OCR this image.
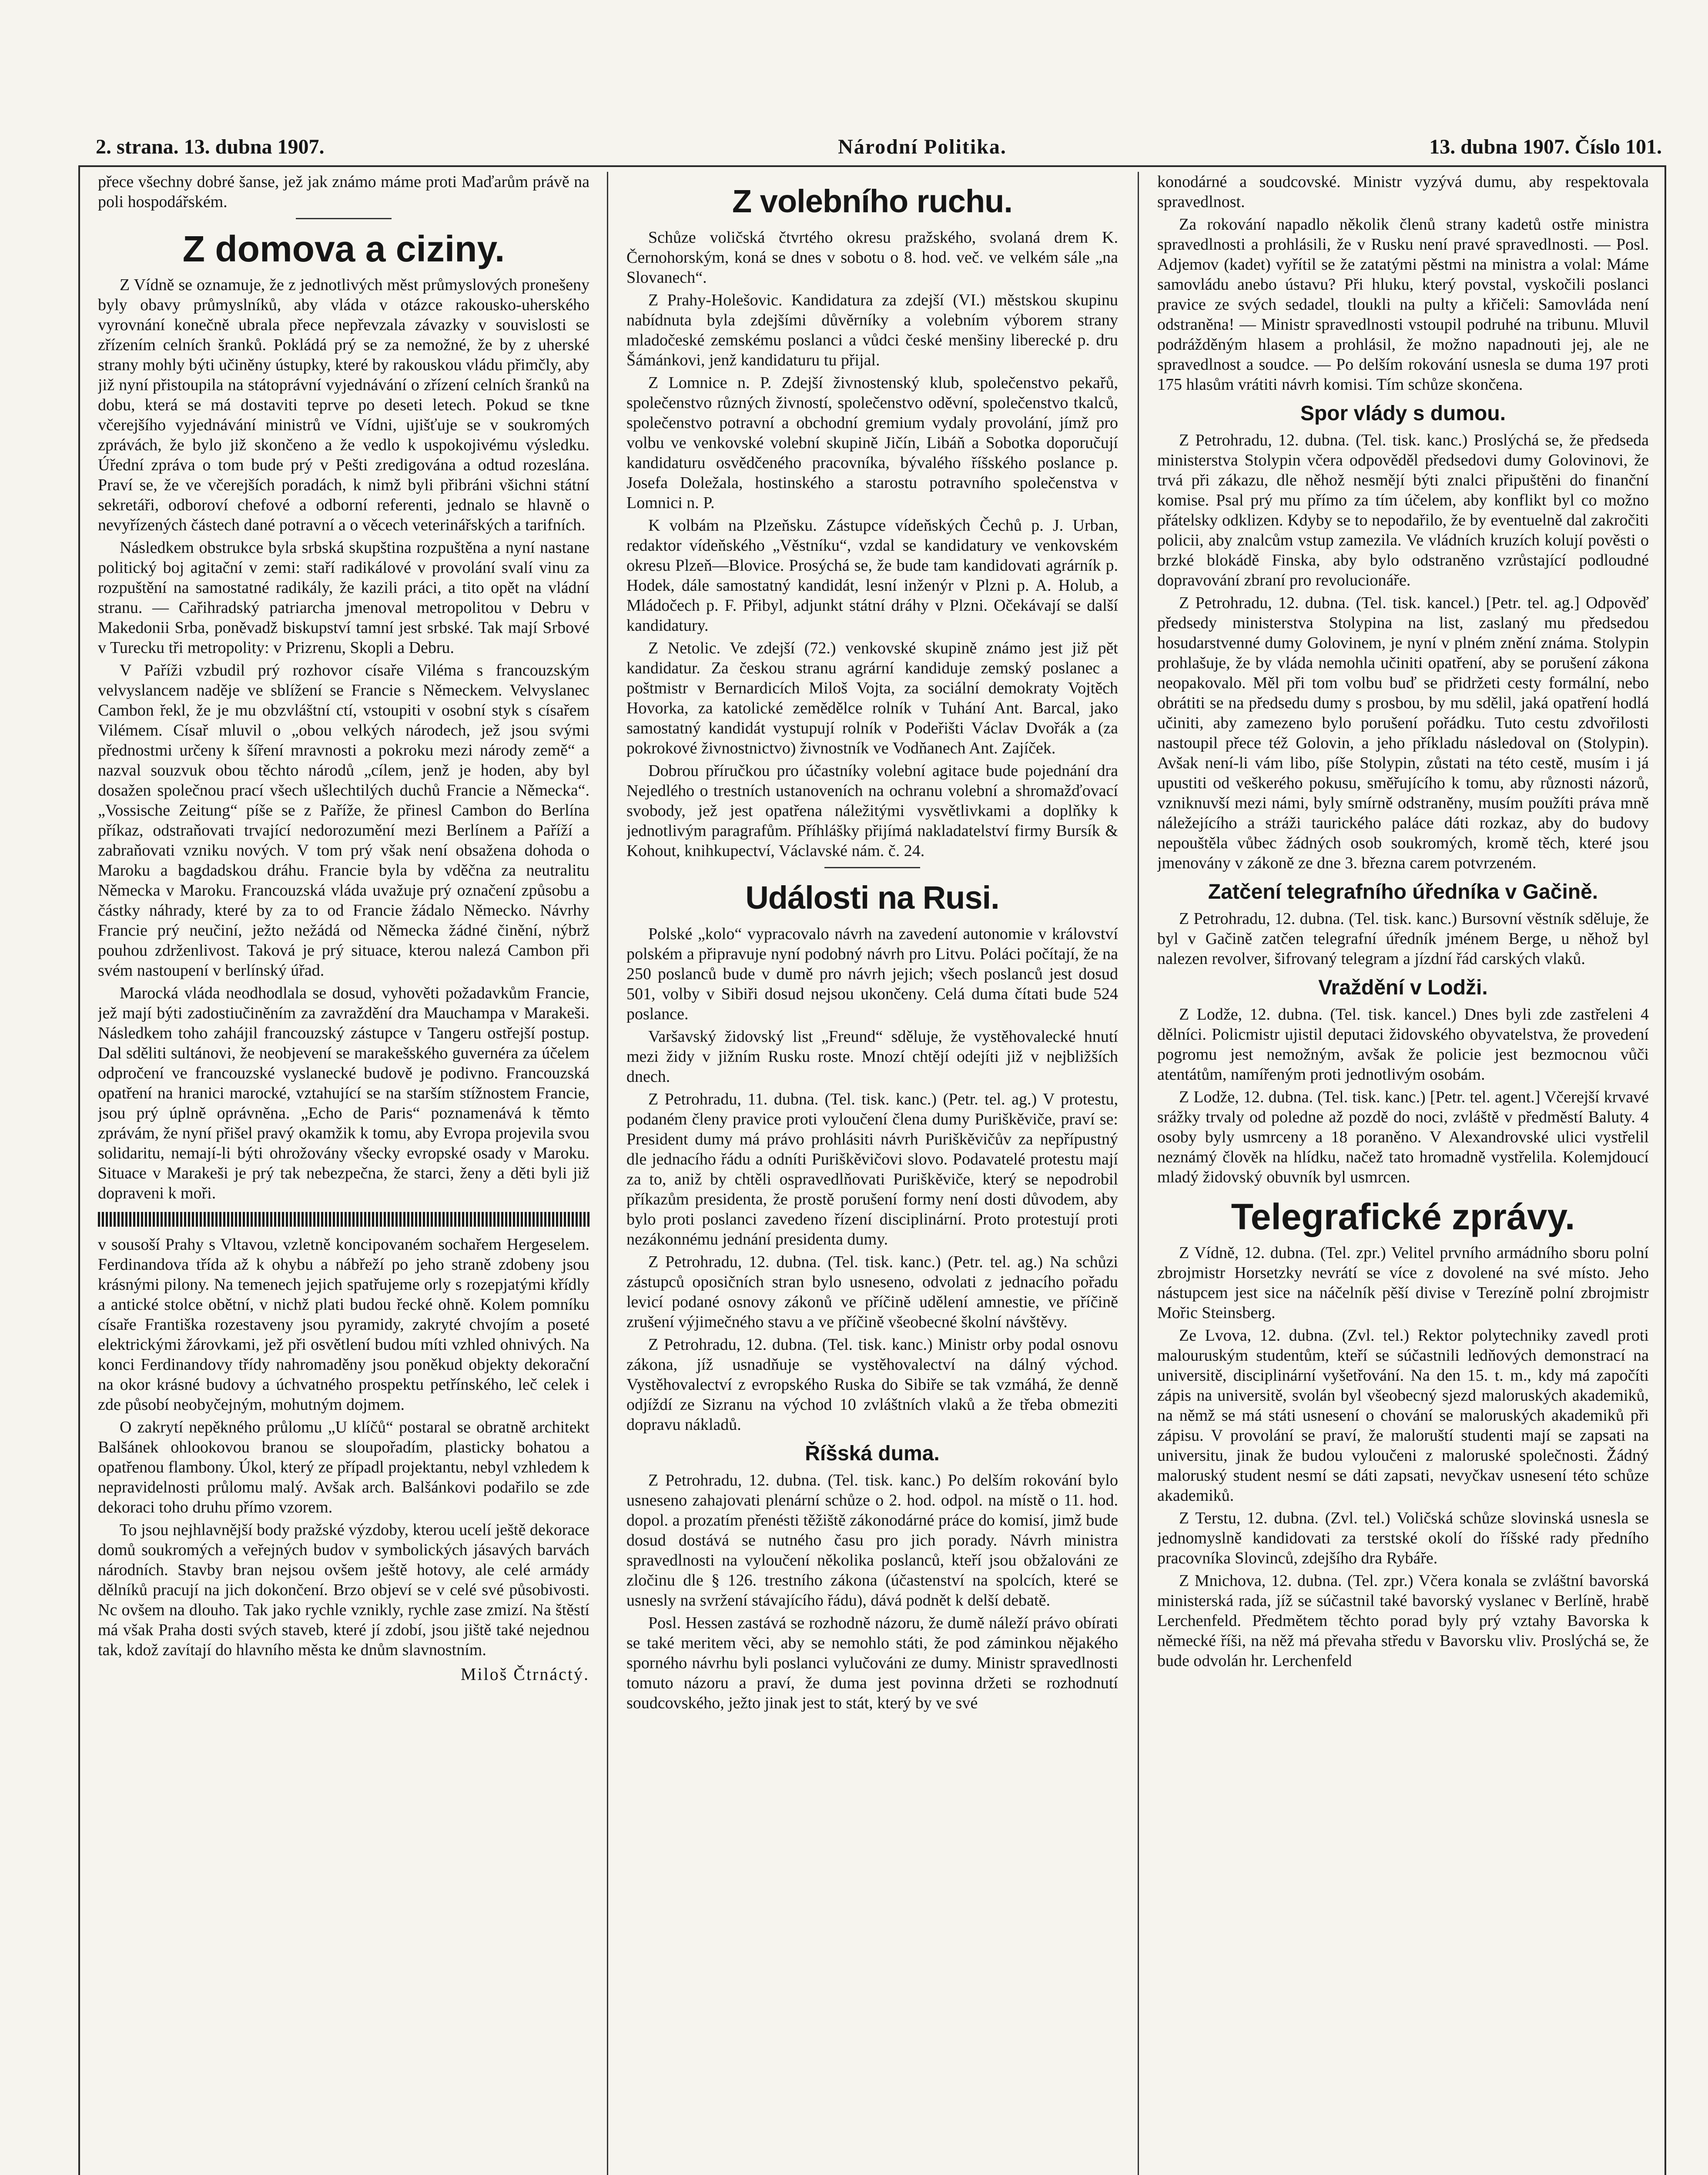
2. strana. 13. dubna 1907.	Národní Politika.	13. dubna 1907. Číslo 101.

přece všechny dobré šanse, jež jak známo máme proti Maďarům právě na poli hospodářském.

Z domova a ciziny.

Z Vídně se oznamuje, že z jednotlivých měst průmyslových pronešeny byly obavy průmyslníků, aby vláda v otázce rakousko-uherského vyrovnání konečně ubrala přece nepřevzala závazky v souvislosti se zřízením celních šranků. Pokládá prý se za nemožné, že by z uherské strany mohly býti učiněny ústupky, které by rakouskou vládu přimčly, aby již nyní přistoupila na státoprávní vyjednávání o zřízení celních šranků na dobu, která se má dostaviti teprve po deseti letech. Pokud se tkne včerejšího vyjednávání ministrů ve Vídni, ujišťuje se v soukromých zprávách, že bylo již skončeno a že vedlo k uspokojivému výsledku. Úřední zpráva o tom bude prý v Pešti zredigována a odtud rozeslána. Praví se, že ve včerejších poradách, k nimž byli přibráni všichni státní sekretáři, odboroví chefové a odborní referenti, jednalo se hlavně o nevyřízených částech dané potravní a o věcech veterinářských a tarifních.

Následkem obstrukce byla srbská skupština rozpuštěna a nyní nastane politický boj agitační v zemi: staří radikálové v provolání svalí vinu za rozpuštění na samostatné radikály, že kazili práci, a tito opět na vládní stranu. — Cařihradský patriarcha jmenoval metropolitou v Debru v Makedonii Srba, poněvadž biskupství tamní jest srbské. Tak mají Srbové v Turecku tři metropolity: v Prizrenu, Skopli a Debru.

V Paříži vzbudil prý rozhovor císaře Viléma s francouzským velvyslancem naděje ve sblížení se Francie s Německem. Velvyslanec Cambon řekl, že je mu obzvláštní ctí, vstoupiti v osobní styk s císařem Vilémem. Císař mluvil o „obou velkých národech, jež jsou svými přednostmi určeny k šíření mravnosti a pokroku mezi národy země“ a nazval souzvuk obou těchto národů „cílem, jenž je hoden, aby byl dosažen společnou prací všech ušlechtilých duchů Francie a Německa“. „Vossische Zeitung“ píše se z Paříže, že přinesl Cambon do Berlína příkaz, odstraňovati trvající nedorozumění mezi Berlínem a Paříží a zabraňovati vzniku nových. V tom prý však není obsažena dohoda o Maroku a bagdadskou dráhu. Francie byla by vděčna za neutralitu Německa v Maroku. Francouzská vláda uvažuje prý označení způsobu a částky náhrady, které by za to od Francie žádalo Německo. Návrhy Francie prý neučiní, ježto nežádá od Německa žádné činění, nýbrž pouhou zdrženlivost. Taková je prý situace, kterou nalezá Cambon při svém nastoupení v berlínský úřad.

Marocká vláda neodhodlala se dosud, vyhověti požadavkům Francie, jež mají býti zadostiučiněním za zavraždění dra Mauchampa v Marakeši. Následkem toho zahájil francouzský zástupce v Tangeru ostřejší postup. Dal sděliti sultánovi, že neobjevení se marakešského guvernéra za účelem odpročení ve francouzské vyslanecké budově je podivno. Francouzská opatření na hranici marocké, vztahující se na starším stížnostem Francie, jsou prý úplně oprávněna. „Echo de Paris“ poznamenává k těmto zprávám, že nyní přišel pravý okamžik k tomu, aby Evropa projevila svou solidaritu, nemají-li býti ohrožovány všecky evropské osady v Maroku. Situace v Marakeši je prý tak nebezpečna, že starci, ženy a děti byli již dopraveni k moři.

v sousoší Prahy s Vltavou, vzletně koncipovaném sochařem Hergeselem. Ferdinandova třída až k ohybu a nábřeží po jeho straně zdobeny jsou krásnými pilony. Na temenech jejich spatřujeme orly s rozepjatými křídly a antické stolce obětní, v nichž plati budou řecké ohně. Kolem pomníku císaře Františka rozestaveny jsou pyramidy, zakryté chvojím a poseté elektrickými žárovkami, jež při osvětlení budou míti vzhled ohnivých. Na konci Ferdinandovy třídy nahromaděny jsou poněkud objekty dekorační na okor krásné budovy a úchvatného prospektu petřínského, leč celek i zde působí neobyčejným, mohutným dojmem.

O zakrytí nepěkného průlomu „U klíčů“ postaral se obratně architekt Balšánek ohlookovou branou se sloupořadím, plasticky bohatou a opatřenou flambony. Úkol, který ze případl projektantu, nebyl vzhledem k nepravidelnosti průlomu malý. Avšak arch. Balšánkovi podařilo se zde dekoraci toho druhu přímo vzorem.

To jsou nejhlavnější body pražské výzdoby, kterou ucelí ještě dekorace domů soukromých a veřejných budov v symbolických jásavých barvách národních. Stavby bran nejsou ovšem ještě hotovy, ale celé armády dělníků pracují na jich dokončení. Brzo objeví se v celé své působivosti. Nc ovšem na dlouho. Tak jako rychle vznikly, rychle zase zmizí. Na štěstí má však Praha dosti svých staveb, které jí zdobí, jsou jiště také nejednou tak, kdož zavítají do hlavního města ke dnům slavnostním.

Miloš Čtrnáctý.
Z volebního ruchu.

Schůze voličská čtvrtého okresu pražského, svolaná drem K. Černohorským, koná se dnes v sobotu o 8. hod. več. ve velkém sále „na Slovanech“.

Z Prahy-Holešovic. Kandidatura za zdejší (VI.) městskou skupinu nabídnuta byla zdejšími důvěrníky a volebním výborem strany mladočeské zemskému poslanci a vůdci české menšiny liberecké p. dru Šámánkovi, jenž kandidaturu tu přijal.

Z Lomnice n. P. Zdejší živnostenský klub, společenstvo pekařů, společenstvo různých živností, společenstvo oděvní, společenstvo tkalců, společenstvo potravní a obchodní gremium vydaly provolání, jímž pro volbu ve venkovské volební skupině Jičín, Libáň a Sobotka doporučují kandidaturu osvědčeného pracovníka, bývalého říšského poslance p. Josefa Doležala, hostinského a starostu potravního společenstva v Lomnici n. P.

K volbám na Plzeňsku. Zástupce vídeňských Čechů p. J. Urban, redaktor vídeňského „Věstníku“, vzdal se kandidatury ve venkovském okresu Plzeň—Blovice. Prosýchá se, že bude tam kandidovati agrárník p. Hodek, dále samostatný kandidát, lesní inženýr v Plzni p. A. Holub, a Mládočech p. F. Přibyl, adjunkt státní dráhy v Plzni. Očekávají se další kandidatury.

Z Netolic. Ve zdejší (72.) venkovské skupině známo jest již pět kandidatur. Za českou stranu agrární kandiduje zemský poslanec a poštmistr v Bernardicích Miloš Vojta, za sociální demokraty Vojtěch Hovorka, za katolické zemědělce rolník v Tuhání Ant. Barcal, jako samostatný kandidát vystupují rolník v Podeřišti Václav Dvořák a (za pokrokové živnostnictvo) živnostník ve Vodňanech Ant. Zajíček.

Dobrou příručkou pro účastníky volební agitace bude pojednání dra Nejedlého o trestních ustanoveních na ochranu volební a shromažďovací svobody, jež jest opatřena náležitými vysvětlivkami a doplňky k jednotlivým paragrafům. Příhlášky přijímá nakladatelství firmy Bursík & Kohout, knihkupectví, Václavské nám. č. 24.

Události na Rusi.

Polské „kolo“ vypracovalo návrh na zavedení autonomie v království polském a připravuje nyní podobný návrh pro Litvu. Poláci počítají, že na 250 poslanců bude v dumě pro návrh jejich; všech poslanců jest dosud 501, volby v Sibiři dosud nejsou ukončeny. Celá duma čítati bude 524 poslance.

Varšavský židovský list „Freund“ sděluje, že vystěhovalecké hnutí mezi židy v jižním Rusku roste. Mnozí chtějí odejíti již v nejbližších dnech.

Z Petrohradu, 11. dubna. (Tel. tisk. kanc.) (Petr. tel. ag.) V protestu, podaném členy pravice proti vyloučení člena dumy Puriškěviče, praví se: President dumy má právo prohlásiti návrh Puriškěvičův za nepřípustný dle jednacího řádu a odníti Puriškěvičovi slovo. Podavatelé protestu mají za to, aniž by chtěli ospravedlňovati Puriškěviče, který se nepodrobil příkazům presidenta, že prostě porušení formy není dosti důvodem, aby bylo proti poslanci zavedeno řízení disciplinární. Proto protestují proti nezákonnému jednání presidenta dumy.

Z Petrohradu, 12. dubna. (Tel. tisk. kanc.) (Petr. tel. ag.) Na schůzi zástupců oposičních stran bylo usneseno, odvolati z jednacího pořadu levicí podané osnovy zákonů ve příčině udělení amnestie, ve příčině zrušení výjimečného stavu a ve příčině všeobecné školní návštěvy.

Z Petrohradu, 12. dubna. (Tel. tisk. kanc.) Ministr orby podal osnovu zákona, jíž usnadňuje se vystěhovalectví na dálný východ. Vystěhovalectví z evropského Ruska do Sibiře se tak vzmáhá, že denně odjíždí ze Sizranu na východ 10 zvláštních vlaků a že třeba obmeziti dopravu nákladů.

Říšská duma.

Z Petrohradu, 12. dubna. (Tel. tisk. kanc.) Po delším rokování bylo usneseno zahajovati plenární schůze o 2. hod. odpol. na místě o 11. hod. dopol. a prozatím přenésti těžiště zákonodárné práce do komisí, jimž bude dosud dostává se nutného času pro jich porady. Návrh ministra spravedlnosti na vyloučení několika poslanců, kteří jsou obžalováni ze zločinu dle § 126. trestního zákona (účastenství na spolcích, které se usnesly na svržení stávajícího řádu), dává podnět k delší debatě.

Posl. Hessen zastává se rozhodně názoru, že dumě náleží právo obírati se také meritem věci, aby se nemohlo státi, že pod záminkou nějakého sporného návrhu byli poslanci vylučováni ze dumy. Ministr spravedlnosti tomuto názoru a praví, že duma jest povinna držeti se rozhodnutí soudcovského, ježto jinak jest to stát, který by ve své

konodárné a soudcovské. Ministr vyzývá dumu, aby respektovala spravedlnost.

Za rokování napadlo několik členů strany kadetů ostře ministra spravedlnosti a prohlásili, že v Rusku není pravé spravedlnosti. — Posl. Adjemov (kadet) vyřítil se že zatatými pěstmi na ministra a volal: Máme samovládu anebo ústavu? Při hluku, který povstal, vyskočili poslanci pravice ze svých sedadel, tloukli na pulty a křičeli: Samovláda není odstraněna! — Ministr spravedlnosti vstoupil podruhé na tribunu. Mluvil podrážděným hlasem a prohlásil, že možno napadnouti jej, ale ne spravedlnost a soudce. — Po delším rokování usnesla se duma 197 proti 175 hlasům vrátiti návrh komisi. Tím schůze skončena.

Spor vlády s dumou.

Z Petrohradu, 12. dubna. (Tel. tisk. kanc.) Proslýchá se, že předseda ministerstva Stolypin včera odpověděl předsedovi dumy Golovinovi, že trvá při zákazu, dle něhož nesmějí býti znalci připuštěni do finanční komise. Psal prý mu přímo za tím účelem, aby konflikt byl co možno přátelsky odklizen. Kdyby se to nepodařilo, že by eventuelně dal zakročiti policii, aby znalcům vstup zamezila. Ve vládních kruzích kolují pověsti o brzké blokádě Finska, aby bylo odstraněno vzrůstající podloudné dopravování zbraní pro revolucionáře.

Z Petrohradu, 12. dubna. (Tel. tisk. kancel.) [Petr. tel. ag.] Odpověď předsedy ministerstva Stolypina na list, zaslaný mu předsedou hosudarstvenné dumy Golovinem, je nyní v plném znění známa. Stolypin prohlašuje, že by vláda nemohla učiniti opatření, aby se porušení zákona neopakovalo. Měl při tom volbu buď se přidržeti cesty formální, nebo obrátiti se na předsedu dumy s prosbou, by mu sdělil, jaká opatření hodlá učiniti, aby zamezeno bylo porušení pořádku. Tuto cestu zdvořilosti nastoupil přece též Golovin, a jeho příkladu následoval on (Stolypin). Avšak není-li vám libo, píše Stolypin, zůstati na této cestě, musím i já upustiti od veškerého pokusu, směřujícího k tomu, aby různosti názorů, vzniknuvší mezi námi, byly smírně odstraněny, musím použíti práva mně náležejícího a stráži taurického paláce dáti rozkaz, aby do budovy nepouštěla vůbec žádných osob soukromých, kromě těch, které jsou jmenovány v zákoně ze dne 3. března carem potvrzeném.

Zatčení telegrafního úředníka v Gačině.

Z Petrohradu, 12. dubna. (Tel. tisk. kanc.) Bursovní věstník sděluje, že byl v Gačině zatčen telegrafní úředník jménem Berge, u něhož byl nalezen revolver, šifrovaný telegram a jízdní řád carských vlaků.

Vraždění v Lodži.

Z Lodže, 12. dubna. (Tel. tisk. kancel.) Dnes byli zde zastřeleni 4 dělníci. Policmistr ujistil deputaci židovského obyvatelstva, že provedení pogromu jest nemožným, avšak že policie jest bezmocnou vůči atentátům, namířeným proti jednotlivým osobám.

Z Lodže, 12. dubna. (Tel. tisk. kanc.) [Petr. tel. agent.] Včerejší krvavé srážky trvaly od poledne až pozdě do noci, zvláště v předměstí Baluty. 4 osoby byly usmrceny a 18 poraněno. V Alexandrovské ulici vystřelil neznámý člověk na hlídku, načež tato hromadně vystřelila. Kolemjdoucí mladý židovský obuvník byl usmrcen.

Telegrafické zprávy.

Z Vídně, 12. dubna. (Tel. zpr.) Velitel prvního armádního sboru polní zbrojmistr Horsetzky nevrátí se více z dovolené na své místo. Jeho nástupcem jest sice na náčelník pěší divise v Terezíně polní zbrojmistr Mořic Steinsberg.

Ze Lvova, 12. dubna. (Zvl. tel.) Rektor polytechniky zavedl proti malouruským studentům, kteří se súčastnili ledňových demonstrací na universitě, disciplinární vyšetřování. Na den 15. t. m., kdy má započíti zápis na universitě, svolán byl všeobecný sjezd maloruských akademiků, na němž se má státi usnesení o chování se maloruských akademiků při zápisu. V provolání se praví, že maloruští studenti mají se zapsati na universitu, jinak že budou vyloučeni z maloruské společnosti. Žádný maloruský student nesmí se dáti zapsati, nevyčkav usnesení této schůze akademiků.

Z Terstu, 12. dubna. (Zvl. tel.) Voličská schůze slovinská usnesla se jednomyslně kandidovati za terstské okolí do říšské rady předního pracovníka Slovinců, zdejšího dra Rybáře.

Z Mnichova, 12. dubna. (Tel. zpr.) Včera konala se zvláštní bavorská ministerská rada, jíž se súčastnil také bavorský vyslanec v Berlíně, hrabě Lerchenfeld. Předmětem těchto porad byly prý vztahy Bavorska k německé říši, na něž má převaha středu v Bavorsku vliv. Proslýchá se, že bude odvolán hr. Lerchenfeld
